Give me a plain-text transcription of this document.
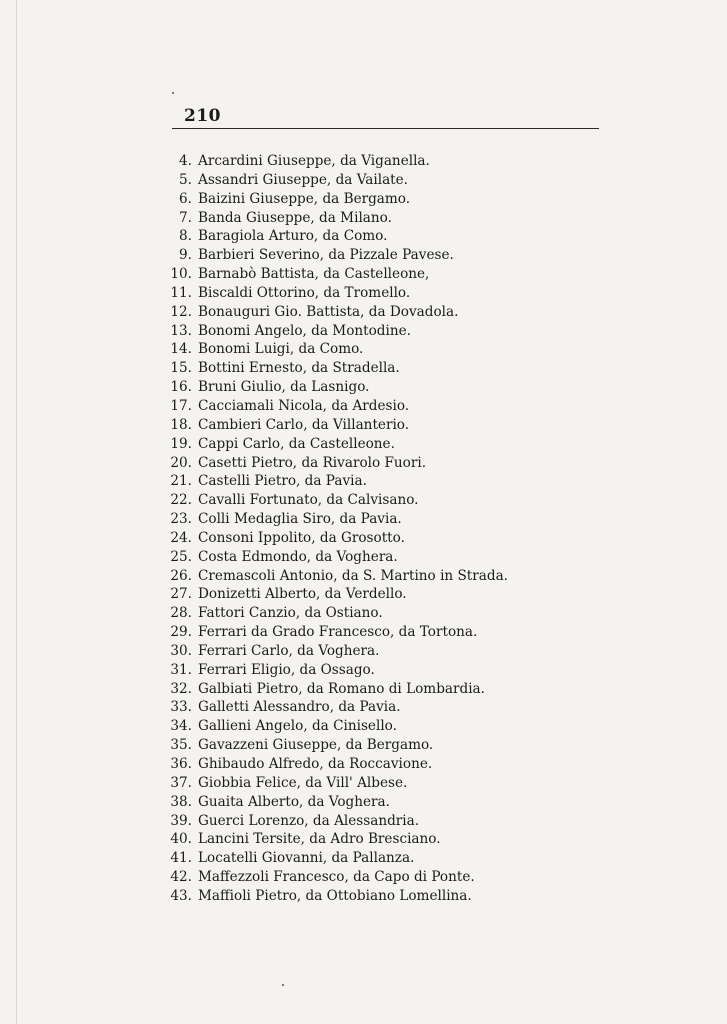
210
4. Arcardini Giuseppe, da Viganella.
5. Assandri Giuseppe, da Vailate.
6. Baizini Giuseppe, da Bergamo.
7. Banda Giuseppe, da Milano.
8. Baragiola Arturo, da Como.
9. Barbieri Severino, da Pizzale Pavese.
10. Barnabò Battista, da Castelleone,
11. Biscaldi Ottorino, da Tromello.
12. Bonauguri Gio. Battista, da Dovadola.
13. Bonomi Angelo, da Montodine.
14. Bonomi Luigi, da Como.
15. Bottini Ernesto, da Stradella.
16. Bruni Giulio, da Lasnigo.
17. Cacciamali Nicola, da Ardesio.
18. Cambieri Carlo, da Villanterio.
19. Cappi Carlo, da Castelleone.
20. Casetti Pietro, da Rivarolo Fuori.
21. Castelli Pietro, da Pavia.
22. Cavalli Fortunato, da Calvisano.
23. Colli Medaglia Siro, da Pavia.
24. Consoni Ippolito, da Grosotto.
25. Costa Edmondo, da Voghera.
26. Cremascoli Antonio, da S. Martino in Strada.
27. Donizetti Alberto, da Verdello.
28. Fattori Canzio, da Ostiano.
29. Ferrari da Grado Francesco, da Tortona.
30. Ferrari Carlo, da Voghera.
31. Ferrari Eligio, da Ossago.
32. Galbiati Pietro, da Romano di Lombardia.
33. Galletti Alessandro, da Pavia.
34. Gallieni Angelo, da Cinisello.
35. Gavazzeni Giuseppe, da Bergamo.
36. Ghibaudo Alfredo, da Roccavione.
37. Giobbia Felice, da Vill' Albese.
38. Guaita Alberto, da Voghera.
39. Guerci Lorenzo, da Alessandria.
40. Lancini Tersite, da Adro Bresciano.
41. Locatelli Giovanni, da Pallanza.
42. Maffezzoli Francesco, da Capo di Ponte.
43. Maffioli Pietro, da Ottobiano Lomellina.
